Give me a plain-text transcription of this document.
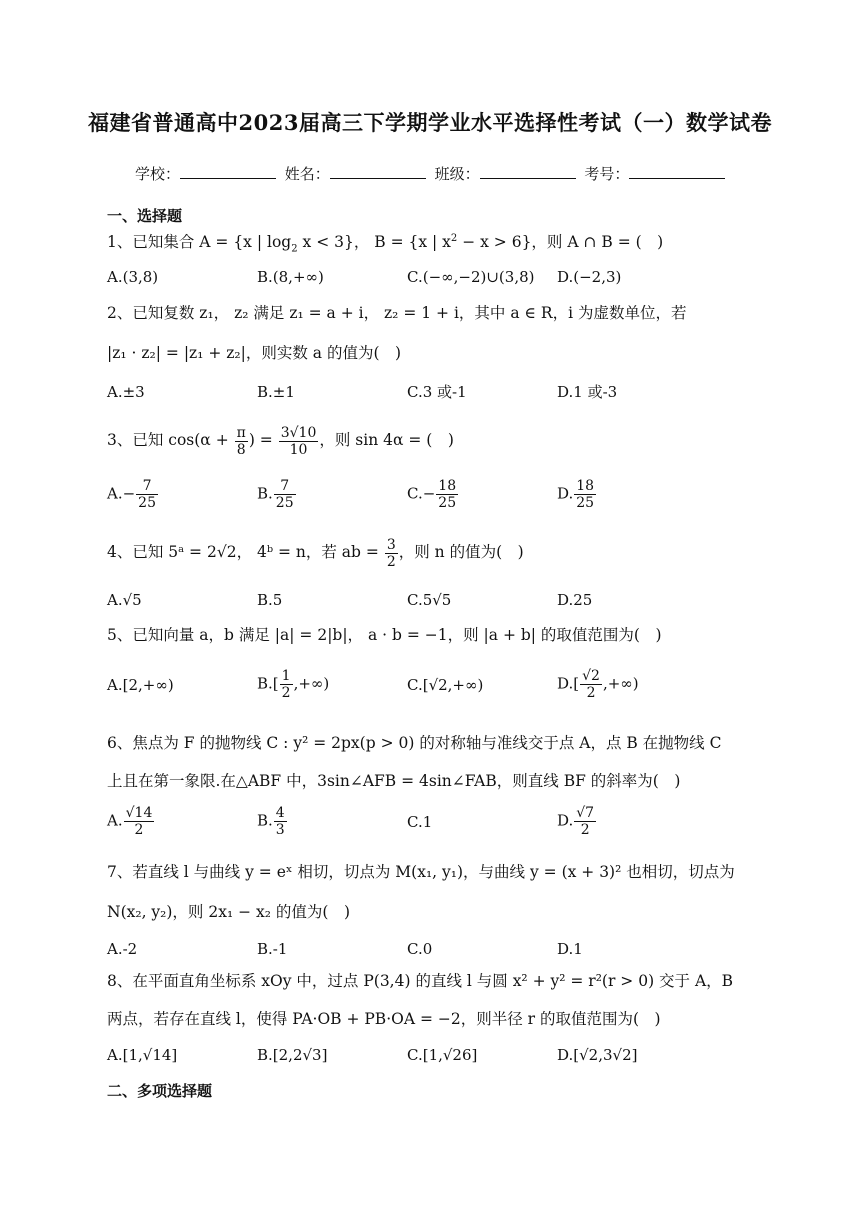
福建省普通高中2023届高三下学期学业水平选择性考试（一）数学试卷
学校：	姓名：	班级：	考号：
一、选择题
1、已知集合 A = {x | $\log_2 x < 3$}， B = {x | $x^2 - x > 6$}，则 A ∩ B = (　)
A.(3,8)	B.(8,+∞)	C.(−∞,−2)∪(3,8)	D.(−2,3)
2、已知复数 z₁， z₂ 满足 z₁ = a + i， z₂ = 1 + i，其中 a ∈ R，i 为虚数单位，若
|z₁ · z₂| = |z₁ + z₂|，则实数 a 的值为(　)
A.±3	B.±1	C.3 或-1	D.1 或-3
3、已知 $\cos(\alpha + \frac{\pi}{8}$ ) = $\frac{3√10}{10}$ ，则 sin 4α = (　)
$A.- \frac{7}{25}$	B. $\frac{7}{25}$	$C.- \frac{18}{25}$	D. $\frac{18}{25}$
4、已知 5ᵃ = 2√2， 4ᵇ = n，若 ab = $\frac{3}{2}$ ，则 n 的值为(　)
A.√5	B.5	C.5√5	D.25
5、已知向量 a，b 满足 |a| = 2|b|， a · b = −1，则 |a + b| 的取值范围为(　)
A.[2,+∞)	$B.[ \frac{1}{2}$ ,+∞)	C.[√2,+∞)	$D.[ \frac{√2}{2}$ ,+∞)
6、焦点为 F 的抛物线 C : y² = 2px(p > 0) 的对称轴与准线交于点 A，点 B 在抛物线 C
上且在第一象限.在△ABF 中，3sin∠AFB = 4sin∠FAB，则直线 BF 的斜率为(　)
A. $\frac{√14}{2}$	B. $\frac{4}{3}$	C.1	D. $\frac{√7}{2}$
7、若直线 l 与曲线 y = eˣ 相切，切点为 M(x₁, y₁)，与曲线 y = (x + 3)² 也相切，切点为
N(x₂, y₂)，则 2x₁ − x₂ 的值为(　)
A.-2	B.-1	C.0	D.1
8、在平面直角坐标系 xOy 中，过点 P(3,4) 的直线 l 与圆 x² + y² = r²(r > 0) 交于 A，B
两点，若存在直线 l，使得 PA·OB + PB·OA = −2，则半径 r 的取值范围为(　)
A.[1,√14]	B.[2,2√3]	C.[1,√26]	D.[√2,3√2]
二、多项选择题
